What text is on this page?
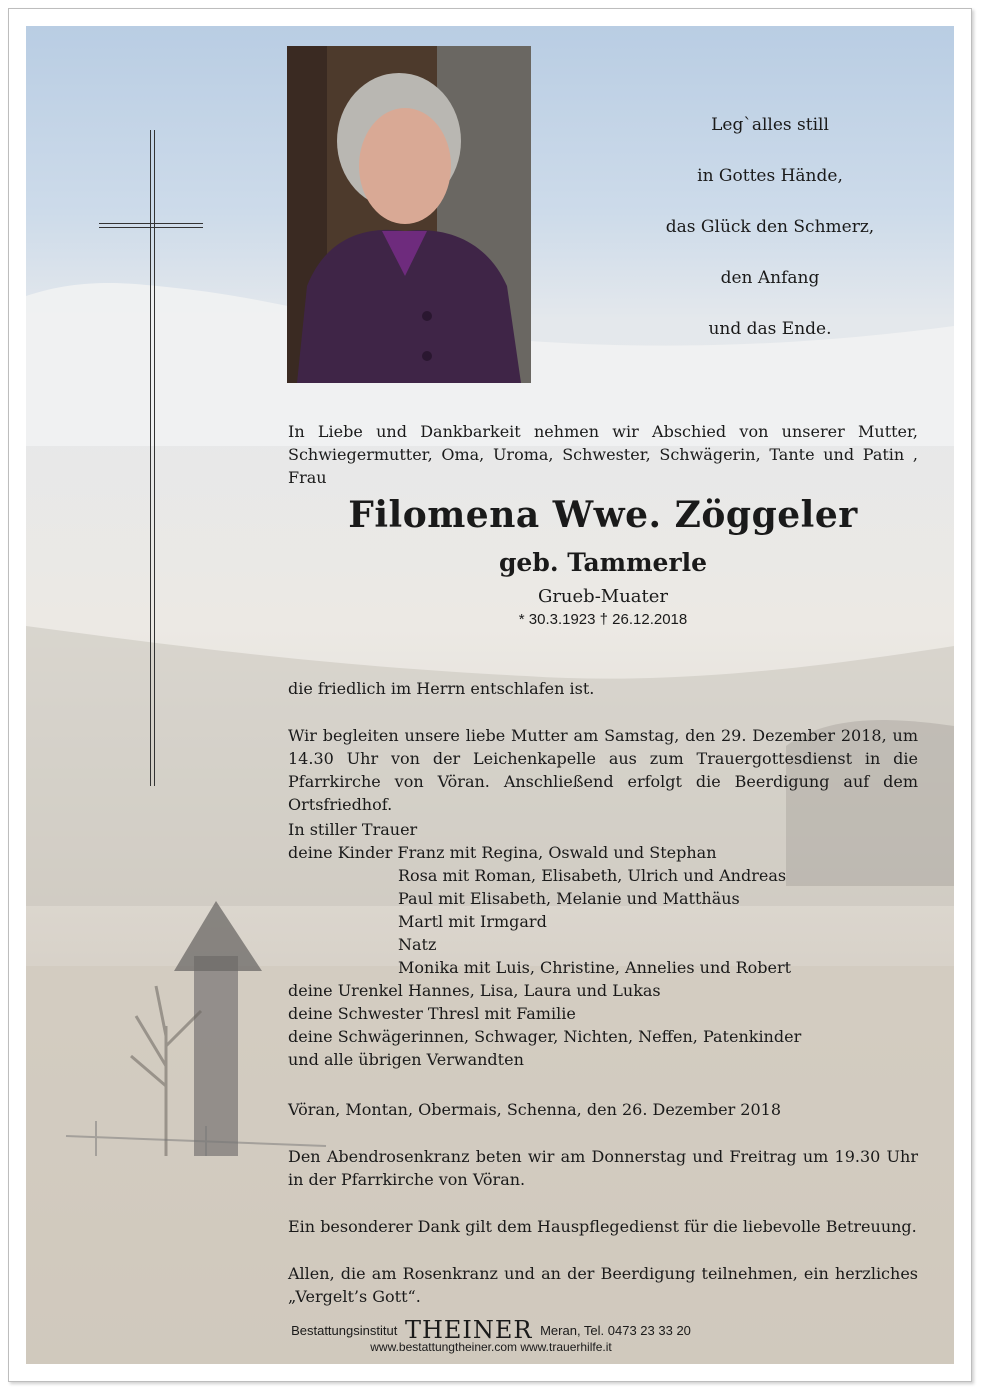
Leg`alles still
in Gottes Hände,
das Glück den Schmerz,
den Anfang
und das Ende.
In Liebe und Dankbarkeit nehmen wir Abschied von unserer Mutter, Schwiegermutter, Oma, Uroma, Schwester, Schwägerin, Tante und Patin , Frau
Filomena Wwe. Zöggeler
geb. Tammerle
Grueb-Muater
* 30.3.1923 † 26.12.2018
die friedlich im Herrn entschlafen ist.
Wir begleiten unsere liebe Mutter am Samstag, den 29. Dezember 2018, um 14.30 Uhr von der Leichenkapelle aus zum Trauergottesdienst in die Pfarrkirche von Vöran. Anschließend erfolgt die Beerdigung auf dem Ortsfriedhof.
In stiller Trauer
deine Kinder Franz mit Regina, Oswald und Stephan
Rosa mit Roman, Elisabeth, Ulrich und Andreas
Paul mit Elisabeth, Melanie und Matthäus
Martl mit Irmgard
Natz
Monika mit Luis, Christine, Annelies und Robert
deine Urenkel Hannes, Lisa, Laura und Lukas
deine Schwester Thresl mit Familie
deine Schwägerinnen, Schwager, Nichten, Neffen, Patenkinder
und alle übrigen Verwandten
Vöran, Montan, Obermais, Schenna, den 26. Dezember 2018
Den Abendrosenkranz beten wir am Donnerstag und Freitrag um 19.30 Uhr in der Pfarrkirche von Vöran.
Ein besonderer Dank gilt dem Hauspflegedienst für die liebevolle Betreuung.
Allen, die am Rosenkranz und an der Beerdigung teilnehmen, ein herzliches „Vergelt’s Gott“.
Bestattungsinstitut THEINER Meran, Tel. 0473 23 33 20
www.bestattungtheiner.com www.trauerhilfe.it
